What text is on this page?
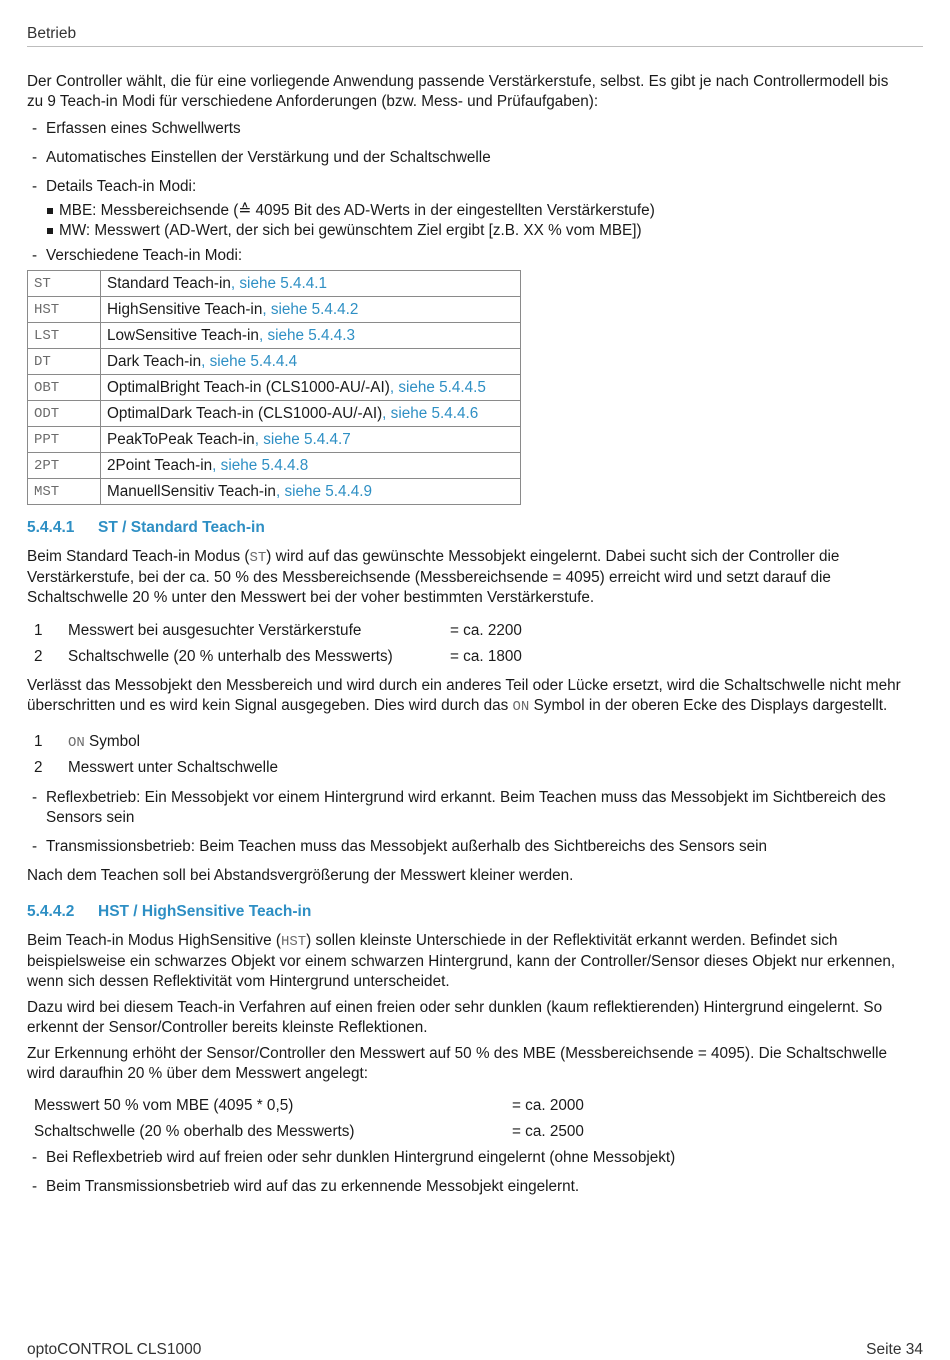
Betrieb

Der Controller wählt, die für eine vorliegende Anwendung passende Verstärkerstufe, selbst. Es gibt je nach Controllermodell bis zu 9 Teach-in Modi für verschiedene Anforderungen (bzw. Mess- und Prüfaufgaben):

- Erfassen eines Schwellwerts
- Automatisches Einstellen der Verstärkung und der Schaltschwelle
- Details Teach-in Modi:
MBE: Messbereichsende (≙ 4095 Bit des AD-Werts in der eingestellten Verstärkerstufe)
MW: Messwert (AD-Wert, der sich bei gewünschtem Ziel ergibt [z.B. XX % vom MBE])
- Verschiedene Teach-in Modi:
ST	Standard Teach-in, siehe 5.4.4.1
HST	HighSensitive Teach-in, siehe 5.4.4.2
LST	LowSensitive Teach-in, siehe 5.4.4.3
DT	Dark Teach-in, siehe 5.4.4.4
OBT	OptimalBright Teach-in (CLS1000-AU/-AI), siehe 5.4.4.5
ODT	OptimalDark Teach-in (CLS1000-AU/-AI), siehe 5.4.4.6
PPT	PeakToPeak Teach-in, siehe 5.4.4.7
2PT	2Point Teach-in, siehe 5.4.4.8
MST	ManuellSensitiv Teach-in, siehe 5.4.4.9
5.4.4.1 ST / Standard Teach-in

Beim Standard Teach-in Modus (ST) wird auf das gewünschte Messobjekt eingelernt. Dabei sucht sich der Controller die Verstärkerstufe, bei der ca. 50 % des Messbereichsende (Messbereichsende = 4095) erreicht wird und setzt darauf die Schaltschwelle 20 % unter den Messwert bei der voher bestimmten Verstärkerstufe.

1	Messwert bei ausgesuchter Verstärkerstufe	= ca. 2200
2	Schaltschwelle (20 % unterhalb des Messwerts)	= ca. 1800

Verlässt das Messobjekt den Messbereich und wird durch ein anderes Teil oder Lücke ersetzt, wird die Schaltschwelle nicht mehr überschritten und es wird kein Signal ausgegeben. Dies wird durch das ON Symbol in der oberen Ecke des Displays dargestellt.

1	ON Symbol
2	Messwert unter Schaltschwelle
- Reflexbetrieb: Ein Messobjekt vor einem Hintergrund wird erkannt. Beim Teachen muss das Messobjekt im Sichtbereich des Sensors sein
- Transmissionsbetrieb: Beim Teachen muss das Messobjekt außerhalb des Sichtbereichs des Sensors sein

Nach dem Teachen soll bei Abstandsvergrößerung der Messwert kleiner werden.

5.4.4.2 HST / HighSensitive Teach-in

Beim Teach-in Modus HighSensitive (HST) sollen kleinste Unterschiede in der Reflektivität erkannt werden. Befindet sich beispielsweise ein schwarzes Objekt vor einem schwarzen Hintergrund, kann der Controller/Sensor dieses Objekt nur erkennen, wenn sich dessen Reflektivität vom Hintergrund unterscheidet.

Dazu wird bei diesem Teach-in Verfahren auf einen freien oder sehr dunklen (kaum reflektierenden) Hintergrund eingelernt. So erkennt der Sensor/Controller bereits kleinste Reflektionen.

Zur Erkennung erhöht der Sensor/Controller den Messwert auf 50 % des MBE (Messbereichsende = 4095). Die Schaltschwelle wird daraufhin 20 % über dem Messwert angelegt:

Messwert 50 % vom MBE (4095 * 0,5)	= ca. 2000
Schaltschwelle (20 % oberhalb des Messwerts)	= ca. 2500
- Bei Reflexbetrieb wird auf freien oder sehr dunklen Hintergrund eingelernt (ohne Messobjekt)
- Beim Transmissionsbetrieb wird auf das zu erkennende Messobjekt eingelernt.
optoCONTROL CLS1000	Seite 34
